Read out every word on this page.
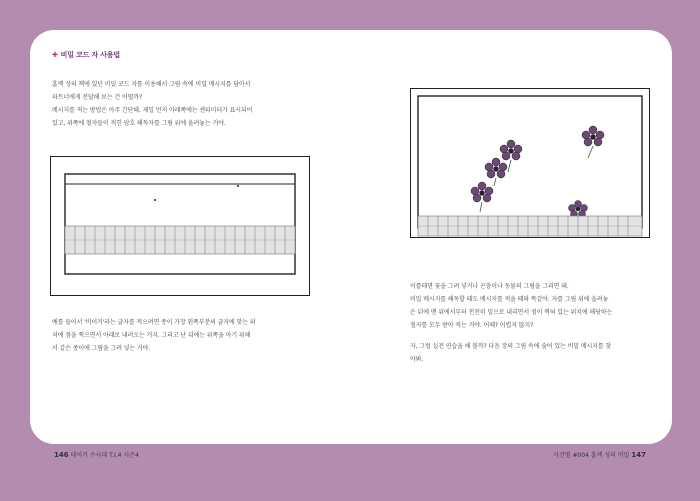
✚ 비밀 코드 자 사용법
홈랙 성의 책에 있던 비밀 코드 자를 이용해서 그림 속에 비밀 메시지를 담아서
파트너에게 전달해 보는 건 어떨까?
메시지를 적는 방법은 아주 간단해. 제일 먼저 아래쪽에는 센티미터가 표시되어
있고, 위쪽에 철자들이 적힌 암호 해독자를 그림 위에 올려놓는 거야.
예를 들어서 '비이거'라는 글자를 적으려면 종이 가장 왼쪽부분의 글자에 맞는 위
치에 점을 찍으면서 아래로 내려오는 거지. 그리고 난 뒤에는 위쪽을 아기 위해
서 같은 종이에 그림을 그려 넣는 거야.
이를테면 꽃을 그려 넣거나 곤충이나 동물의 그림을 그리면 돼.
비밀 메시지를 해독할 때도 메시지를 적을 때와 똑같아. 자를 그림 위에 올려놓
은 뒤에 맨 위에서부터 천천히 밑으로 내리면서 점이 찍혀 있는 위치에 해당하는
철자를 모두 받아 적는 거야. 어때? 어렵지 않지?
자, 그럼 실전 연습을 해 볼까? 다음 장의 그림 속에 숨어 있는 비밀 메시지를 찾
아봐.
146 데이거 수사대 T.I.4 시즌4	사건명 #004 홈랙 성의 비밀 147
